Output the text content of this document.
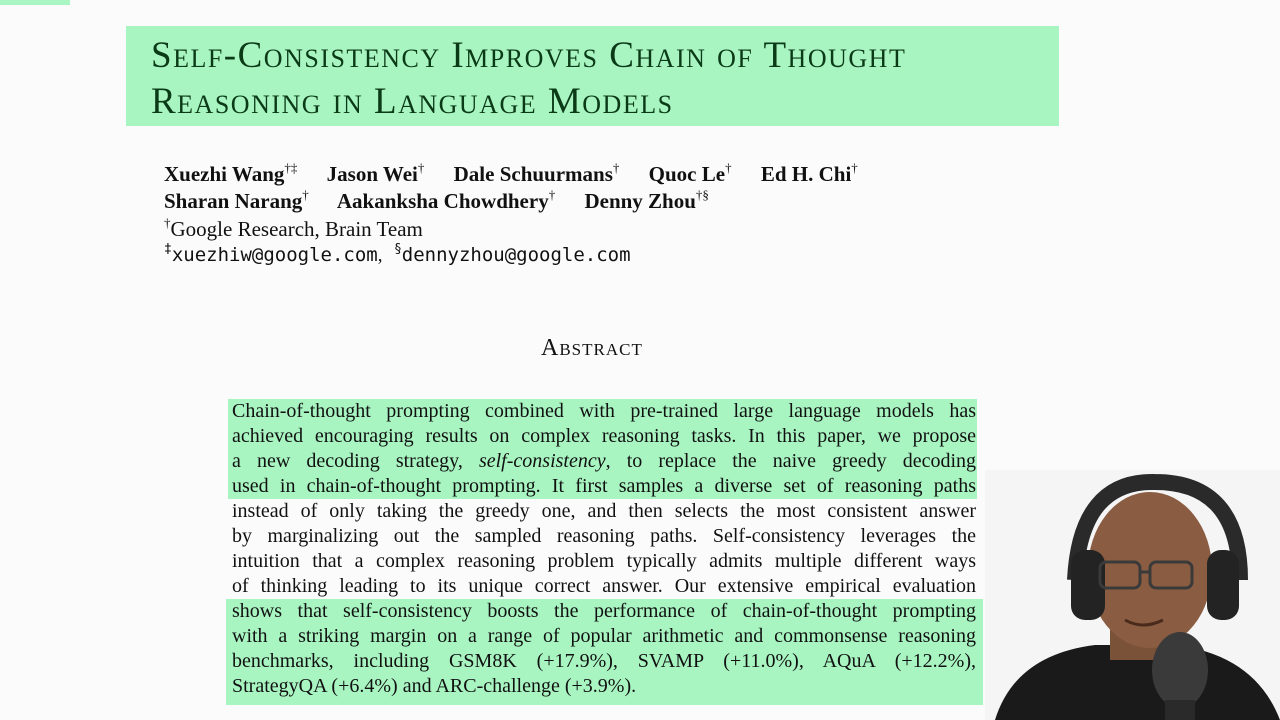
Self-Consistency Improves Chain of Thought
Reasoning in Language Models
Xuezhi Wang†‡ Jason Wei† Dale Schuurmans† Quoc Le† Ed H. Chi†
Sharan Narang† Aakanksha Chowdhery† Denny Zhou†§
†Google Research, Brain Team
‡xuezhiw@google.com, §dennyzhou@google.com
Abstract
Chain-of-thought prompting combined with pre-trained large language models has
achieved encouraging results on complex reasoning tasks. In this paper, we propose
a new decoding strategy, self-consistency, to replace the naive greedy decoding
used in chain-of-thought prompting. It first samples a diverse set of reasoning paths
instead of only taking the greedy one, and then selects the most consistent answer
by marginalizing out the sampled reasoning paths. Self-consistency leverages the
intuition that a complex reasoning problem typically admits multiple different ways
of thinking leading to its unique correct answer. Our extensive empirical evaluation
shows that self-consistency boosts the performance of chain-of-thought prompting
with a striking margin on a range of popular arithmetic and commonsense reasoning
benchmarks, including GSM8K (+17.9%), SVAMP (+11.0%), AQuA (+12.2%),
StrategyQA (+6.4%) and ARC-challenge (+3.9%).
